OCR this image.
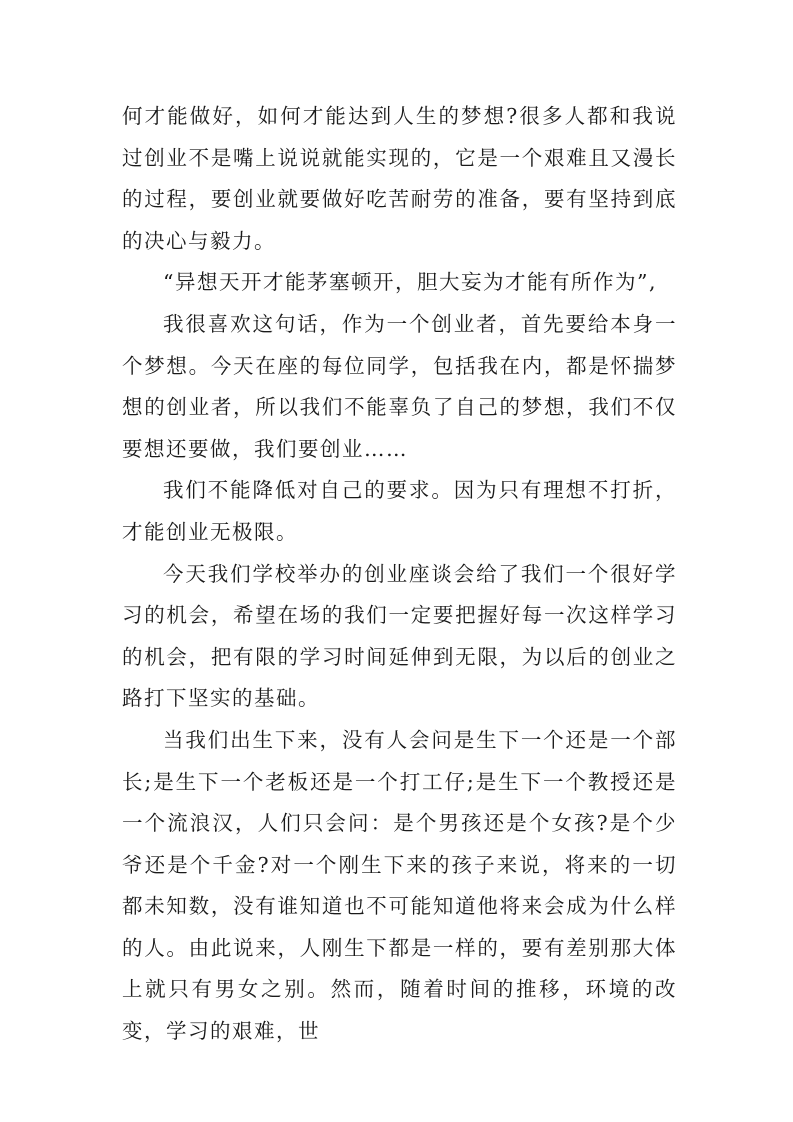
何才能做好，如何才能达到人生的梦想?很多人都和我说过创业不是嘴上说说就能实现的，它是一个艰难且又漫长的过程，要创业就要做好吃苦耐劳的准备，要有坚持到底的决心与毅力。

“异想天开才能茅塞顿开，胆大妄为才能有所作为”,

我很喜欢这句话，作为一个创业者，首先要给本身一个梦想。今天在座的每位同学，包括我在内，都是怀揣梦想的创业者，所以我们不能辜负了自己的梦想，我们不仅要想还要做，我们要创业……

我们不能降低对自己的要求。因为只有理想不打折，才能创业无极限。

今天我们学校举办的创业座谈会给了我们一个很好学习的机会，希望在场的我们一定要把握好每一次这样学习的机会，把有限的学习时间延伸到无限，为以后的创业之路打下坚实的基础。

当我们出生下来，没有人会问是生下一个还是一个部长;是生下一个老板还是一个打工仔;是生下一个教授还是一个流浪汉，人们只会问：是个男孩还是个女孩?是个少爷还是个千金?对一个刚生下来的孩子来说，将来的一切都未知数，没有谁知道也不可能知道他将来会成为什么样的人。由此说来，人刚生下都是一样的，要有差别那大体上就只有男女之别。然而，随着时间的推移，环境的改变，学习的艰难，世
